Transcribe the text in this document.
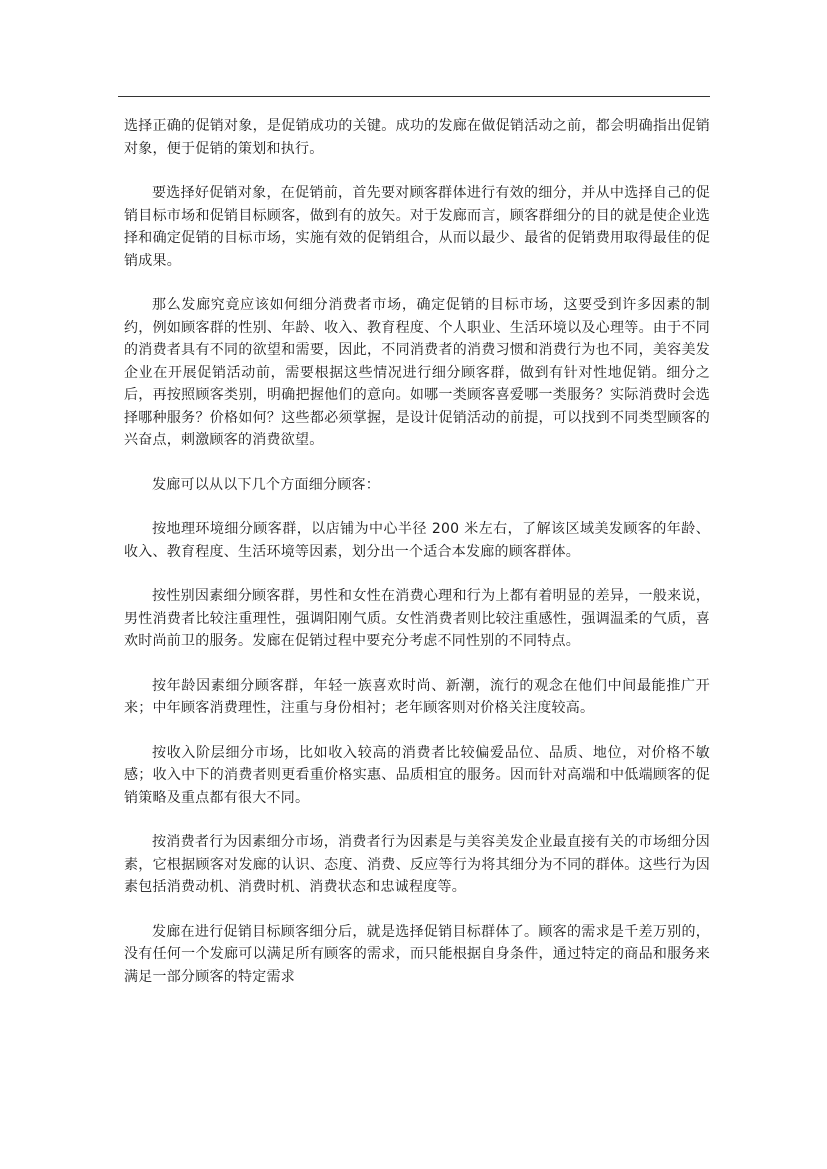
选择正确的促销对象，是促销成功的关键。成功的发廊在做促销活动之前，都会明确指出促销对象，便于促销的策划和执行。

要选择好促销对象，在促销前，首先要对顾客群体进行有效的细分，并从中选择自己的促销目标市场和促销目标顾客，做到有的放矢。对于发廊而言，顾客群细分的目的就是使企业选择和确定促销的目标市场，实施有效的促销组合，从而以最少、最省的促销费用取得最佳的促销成果。

那么发廊究竟应该如何细分消费者市场，确定促销的目标市场，这要受到许多因素的制约，例如顾客群的性别、年龄、收入、教育程度、个人职业、生活环境以及心理等。由于不同的消费者具有不同的欲望和需要，因此，不同消费者的消费习惯和消费行为也不同，美容美发企业在开展促销活动前，需要根据这些情况进行细分顾客群，做到有针对性地促销。细分之后，再按照顾客类别，明确把握他们的意向。如哪一类顾客喜爱哪一类服务？实际消费时会选择哪种服务？价格如何？这些都必须掌握，是设计促销活动的前提，可以找到不同类型顾客的兴奋点，刺激顾客的消费欲望。

发廊可以从以下几个方面细分顾客：

按地理环境细分顾客群，以店铺为中心半径 200 米左右，了解该区域美发顾客的年龄、收入、教育程度、生活环境等因素，划分出一个适合本发廊的顾客群体。

按性别因素细分顾客群，男性和女性在消费心理和行为上都有着明显的差异，一般来说，男性消费者比较注重理性，强调阳刚气质。女性消费者则比较注重感性，强调温柔的气质，喜欢时尚前卫的服务。发廊在促销过程中要充分考虑不同性别的不同特点。

按年龄因素细分顾客群，年轻一族喜欢时尚、新潮，流行的观念在他们中间最能推广开来；中年顾客消费理性，注重与身份相衬；老年顾客则对价格关注度较高。

按收入阶层细分市场，比如收入较高的消费者比较偏爱品位、品质、地位，对价格不敏感；收入中下的消费者则更看重价格实惠、品质相宜的服务。因而针对高端和中低端顾客的促销策略及重点都有很大不同。

按消费者行为因素细分市场，消费者行为因素是与美容美发企业最直接有关的市场细分因素，它根据顾客对发廊的认识、态度、消费、反应等行为将其细分为不同的群体。这些行为因素包括消费动机、消费时机、消费状态和忠诚程度等。

发廊在进行促销目标顾客细分后，就是选择促销目标群体了。顾客的需求是千差万别的，没有任何一个发廊可以满足所有顾客的需求，而只能根据自身条件，通过特定的商品和服务来满足一部分顾客的特定需求
